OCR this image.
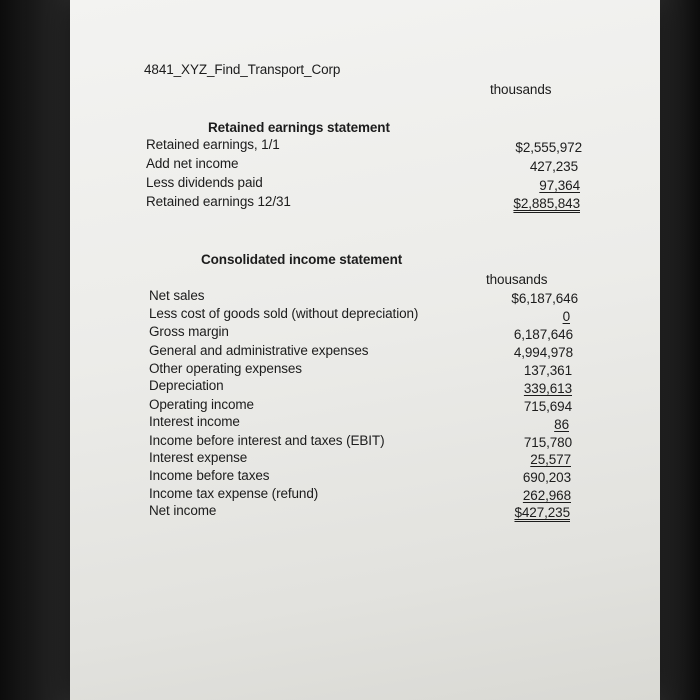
4841_XYZ_Find_Transport_Corp
thousands
Retained earnings statement
Retained earnings, 1/1
Add net income
Less dividends paid
Retained earnings 12/31
$2,555,972
427,235
97,364
$2,885,843
Consolidated income statement
thousands
Net sales
Less cost of goods sold (without depreciation)
Gross margin
General and administrative expenses
Other operating expenses
Depreciation
Operating income
Interest income
Income before interest and taxes (EBIT)
Interest expense
Income before taxes
Income tax expense (refund)
Net income
$6,187,646
0
6,187,646
4,994,978
137,361
339,613
715,694
86
715,780
25,577
690,203
262,968
$427,235
